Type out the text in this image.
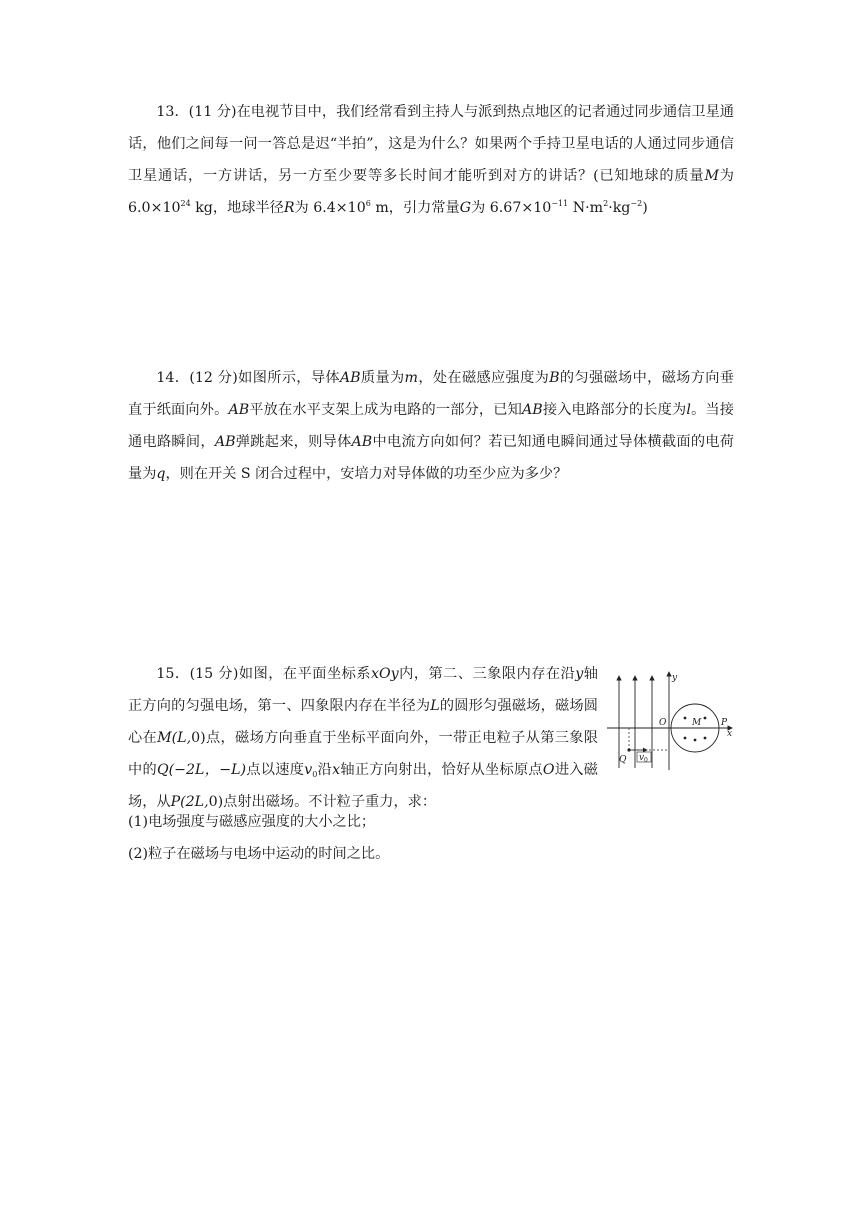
13．(11 分)在电视节目中，我们经常看到主持人与派到热点地区的记者通过同步通信卫星通话，他们之间每一问一答总是迟“半拍”，这是为什么？如果两个手持卫星电话的人通过同步通信卫星通话，一方讲话，另一方至少要等多长时间才能听到对方的讲话？(已知地球的质量M为 $6.0\times 10^{24}$ kg，地球半径R为 $6.4\times 10^6$ m，引力常量G为 $6.67\times 10^{-11}$ $N\cdot m^2\cdot kg^{-2}$)

14．(12 分)如图所示，导体AB质量为m，处在磁感应强度为B的匀强磁场中，磁场方向垂直于纸面向外。AB平放在水平支架上成为电路的一部分，已知AB接入电路部分的长度为l。当接通电路瞬间，AB弹跳起来，则导体AB中电流方向如何？若已知通电瞬间通过导体横截面的电荷量为q，则在开关 S 闭合过程中，安培力对导体做的功至少应为多少？

15．(15 分)如图，在平面坐标系xOy内，第二、三象限内存在沿y轴正方向的匀强电场，第一、四象限内存在半径为L的圆形匀强磁场，磁场圆心在M(L,0)点，磁场方向垂直于坐标平面向外，一带正电粒子从第三象限中的Q(−2L，−L)点以速度$v_0$沿x轴正方向射出，恰好从坐标原点O进入磁场，从P(2L,0)点射出磁场。不计粒子重力，求：

(1)电场强度与磁感应强度的大小之比；
(2)粒子在磁场与电场中运动的时间之比。
y
O	M P
x
Q v 0
